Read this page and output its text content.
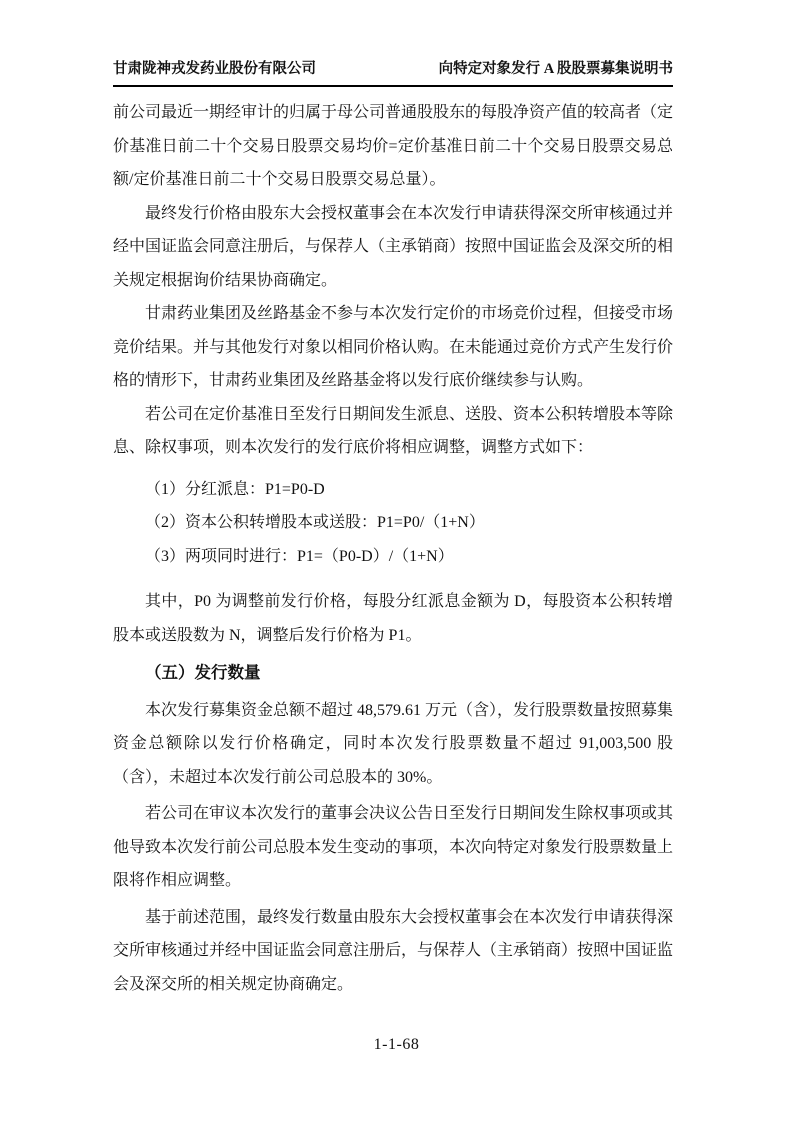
甘肃陇神戎发药业股份有限公司	向特定对象发行 A 股股票募集说明书

前公司最近一期经审计的归属于母公司普通股股东的每股净资产值的较高者（定价基准日前二十个交易日股票交易均价=定价基准日前二十个交易日股票交易总额/定价基准日前二十个交易日股票交易总量）。

最终发行价格由股东大会授权董事会在本次发行申请获得深交所审核通过并经中国证监会同意注册后，与保荐人（主承销商）按照中国证监会及深交所的相关规定根据询价结果协商确定。

甘肃药业集团及丝路基金不参与本次发行定价的市场竞价过程，但接受市场竞价结果。并与其他发行对象以相同价格认购。在未能通过竞价方式产生发行价格的情形下，甘肃药业集团及丝路基金将以发行底价继续参与认购。

若公司在定价基准日至发行日期间发生派息、送股、资本公积转增股本等除息、除权事项，则本次发行的发行底价将相应调整，调整方式如下：

（1）分红派息：P1=P0-D

（2）资本公积转增股本或送股：P1=P0/（1+N）

（3）两项同时进行：P1=（P0-D）/（1+N）

其中，P0 为调整前发行价格，每股分红派息金额为 D，每股资本公积转增股本或送股数为 N，调整后发行价格为 P1。

（五）发行数量

本次发行募集资金总额不超过 48,579.61 万元（含），发行股票数量按照募集资金总额除以发行价格确定，同时本次发行股票数量不超过 91,003,500 股（含），未超过本次发行前公司总股本的 30%。

若公司在审议本次发行的董事会决议公告日至发行日期间发生除权事项或其他导致本次发行前公司总股本发生变动的事项，本次向特定对象发行股票数量上限将作相应调整。

基于前述范围，最终发行数量由股东大会授权董事会在本次发行申请获得深交所审核通过并经中国证监会同意注册后，与保荐人（主承销商）按照中国证监会及深交所的相关规定协商确定。

1-1-68
